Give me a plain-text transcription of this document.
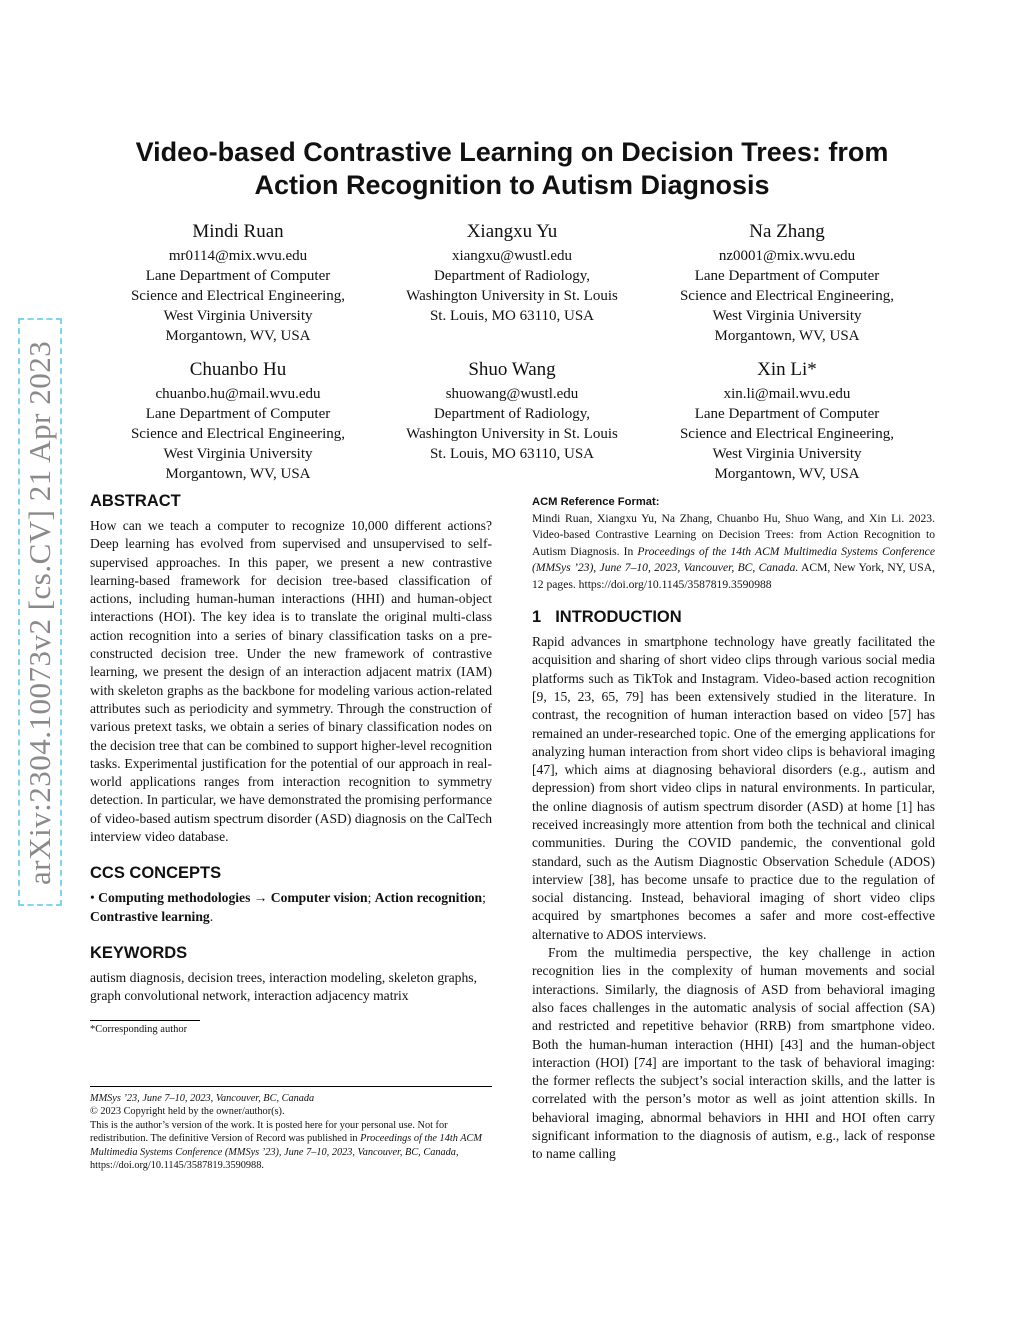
arXiv:2304.10073v2 [cs.CV] 21 Apr 2023
Video-based Contrastive Learning on Decision Trees: from
Action Recognition to Autism Diagnosis
Mindi Ruan
mr0114@mix.wvu.edu
Lane Department of Computer
Science and Electrical Engineering,
West Virginia University
Morgantown, WV, USA
Xiangxu Yu
xiangxu@wustl.edu
Department of Radiology,
Washington University in St. Louis
St. Louis, MO 63110, USA
Na Zhang
nz0001@mix.wvu.edu
Lane Department of Computer
Science and Electrical Engineering,
West Virginia University
Morgantown, WV, USA
Chuanbo Hu
chuanbo.hu@mail.wvu.edu
Lane Department of Computer
Science and Electrical Engineering,
West Virginia University
Morgantown, WV, USA
Shuo Wang
shuowang@wustl.edu
Department of Radiology,
Washington University in St. Louis
St. Louis, MO 63110, USA
Xin Li*
xin.li@mail.wvu.edu
Lane Department of Computer
Science and Electrical Engineering,
West Virginia University
Morgantown, WV, USA
ABSTRACT

How can we teach a computer to recognize 10,000 different actions? Deep learning has evolved from supervised and unsupervised to self-supervised approaches. In this paper, we present a new contrastive learning-based framework for decision tree-based classification of actions, including human-human interactions (HHI) and human-object interactions (HOI). The key idea is to translate the original multi-class action recognition into a series of binary classification tasks on a pre-constructed decision tree. Under the new framework of contrastive learning, we present the design of an interaction adjacent matrix (IAM) with skeleton graphs as the backbone for modeling various action-related attributes such as periodicity and symmetry. Through the construction of various pretext tasks, we obtain a series of binary classification nodes on the decision tree that can be combined to support higher-level recognition tasks. Experimental justification for the potential of our approach in real-world applications ranges from interaction recognition to symmetry detection. In particular, we have demonstrated the promising performance of video-based autism spectrum disorder (ASD) diagnosis on the CalTech interview video database.

CCS CONCEPTS

• Computing methodologies → Computer vision; Action recognition; Contrastive learning.

KEYWORDS

autism diagnosis, decision trees, interaction modeling, skeleton graphs, graph convolutional network, interaction adjacency matrix

*Corresponding author
MMSys ’23, June 7–10, 2023, Vancouver, BC, Canada
© 2023 Copyright held by the owner/author(s).
This is the author’s version of the work. It is posted here for your personal use. Not for redistribution. The definitive Version of Record was published in Proceedings of the 14th ACM Multimedia Systems Conference (MMSys ’23), June 7–10, 2023, Vancouver, BC, Canada, https://doi.org/10.1145/3587819.3590988.
ACM Reference Format:

Mindi Ruan, Xiangxu Yu, Na Zhang, Chuanbo Hu, Shuo Wang, and Xin Li. 2023. Video-based Contrastive Learning on Decision Trees: from Action Recognition to Autism Diagnosis. In Proceedings of the 14th ACM Multimedia Systems Conference (MMSys ’23), June 7–10, 2023, Vancouver, BC, Canada. ACM, New York, NY, USA, 12 pages. https://doi.org/10.1145/3587819.3590988

1 INTRODUCTION

Rapid advances in smartphone technology have greatly facilitated the acquisition and sharing of short video clips through various social media platforms such as TikTok and Instagram. Video-based action recognition [9, 15, 23, 65, 79] has been extensively studied in the literature. In contrast, the recognition of human interaction based on video [57] has remained an under-researched topic. One of the emerging applications for analyzing human interaction from short video clips is behavioral imaging [47], which aims at diagnosing behavioral disorders (e.g., autism and depression) from short video clips in natural environments. In particular, the online diagnosis of autism spectrum disorder (ASD) at home [1] has received increasingly more attention from both the technical and clinical communities. During the COVID pandemic, the conventional gold standard, such as the Autism Diagnostic Observation Schedule (ADOS) interview [38], has become unsafe to practice due to the regulation of social distancing. Instead, behavioral imaging of short video clips acquired by smartphones becomes a safer and more cost-effective alternative to ADOS interviews.

From the multimedia perspective, the key challenge in action recognition lies in the complexity of human movements and social interactions. Similarly, the diagnosis of ASD from behavioral imaging also faces challenges in the automatic analysis of social affection (SA) and restricted and repetitive behavior (RRB) from smartphone video. Both the human-human interaction (HHI) [43] and the human-object interaction (HOI) [74] are important to the task of behavioral imaging: the former reflects the subject’s social interaction skills, and the latter is correlated with the person’s motor as well as joint attention skills. In behavioral imaging, abnormal behaviors in HHI and HOI often carry significant information to the diagnosis of autism, e.g., lack of response to name calling
